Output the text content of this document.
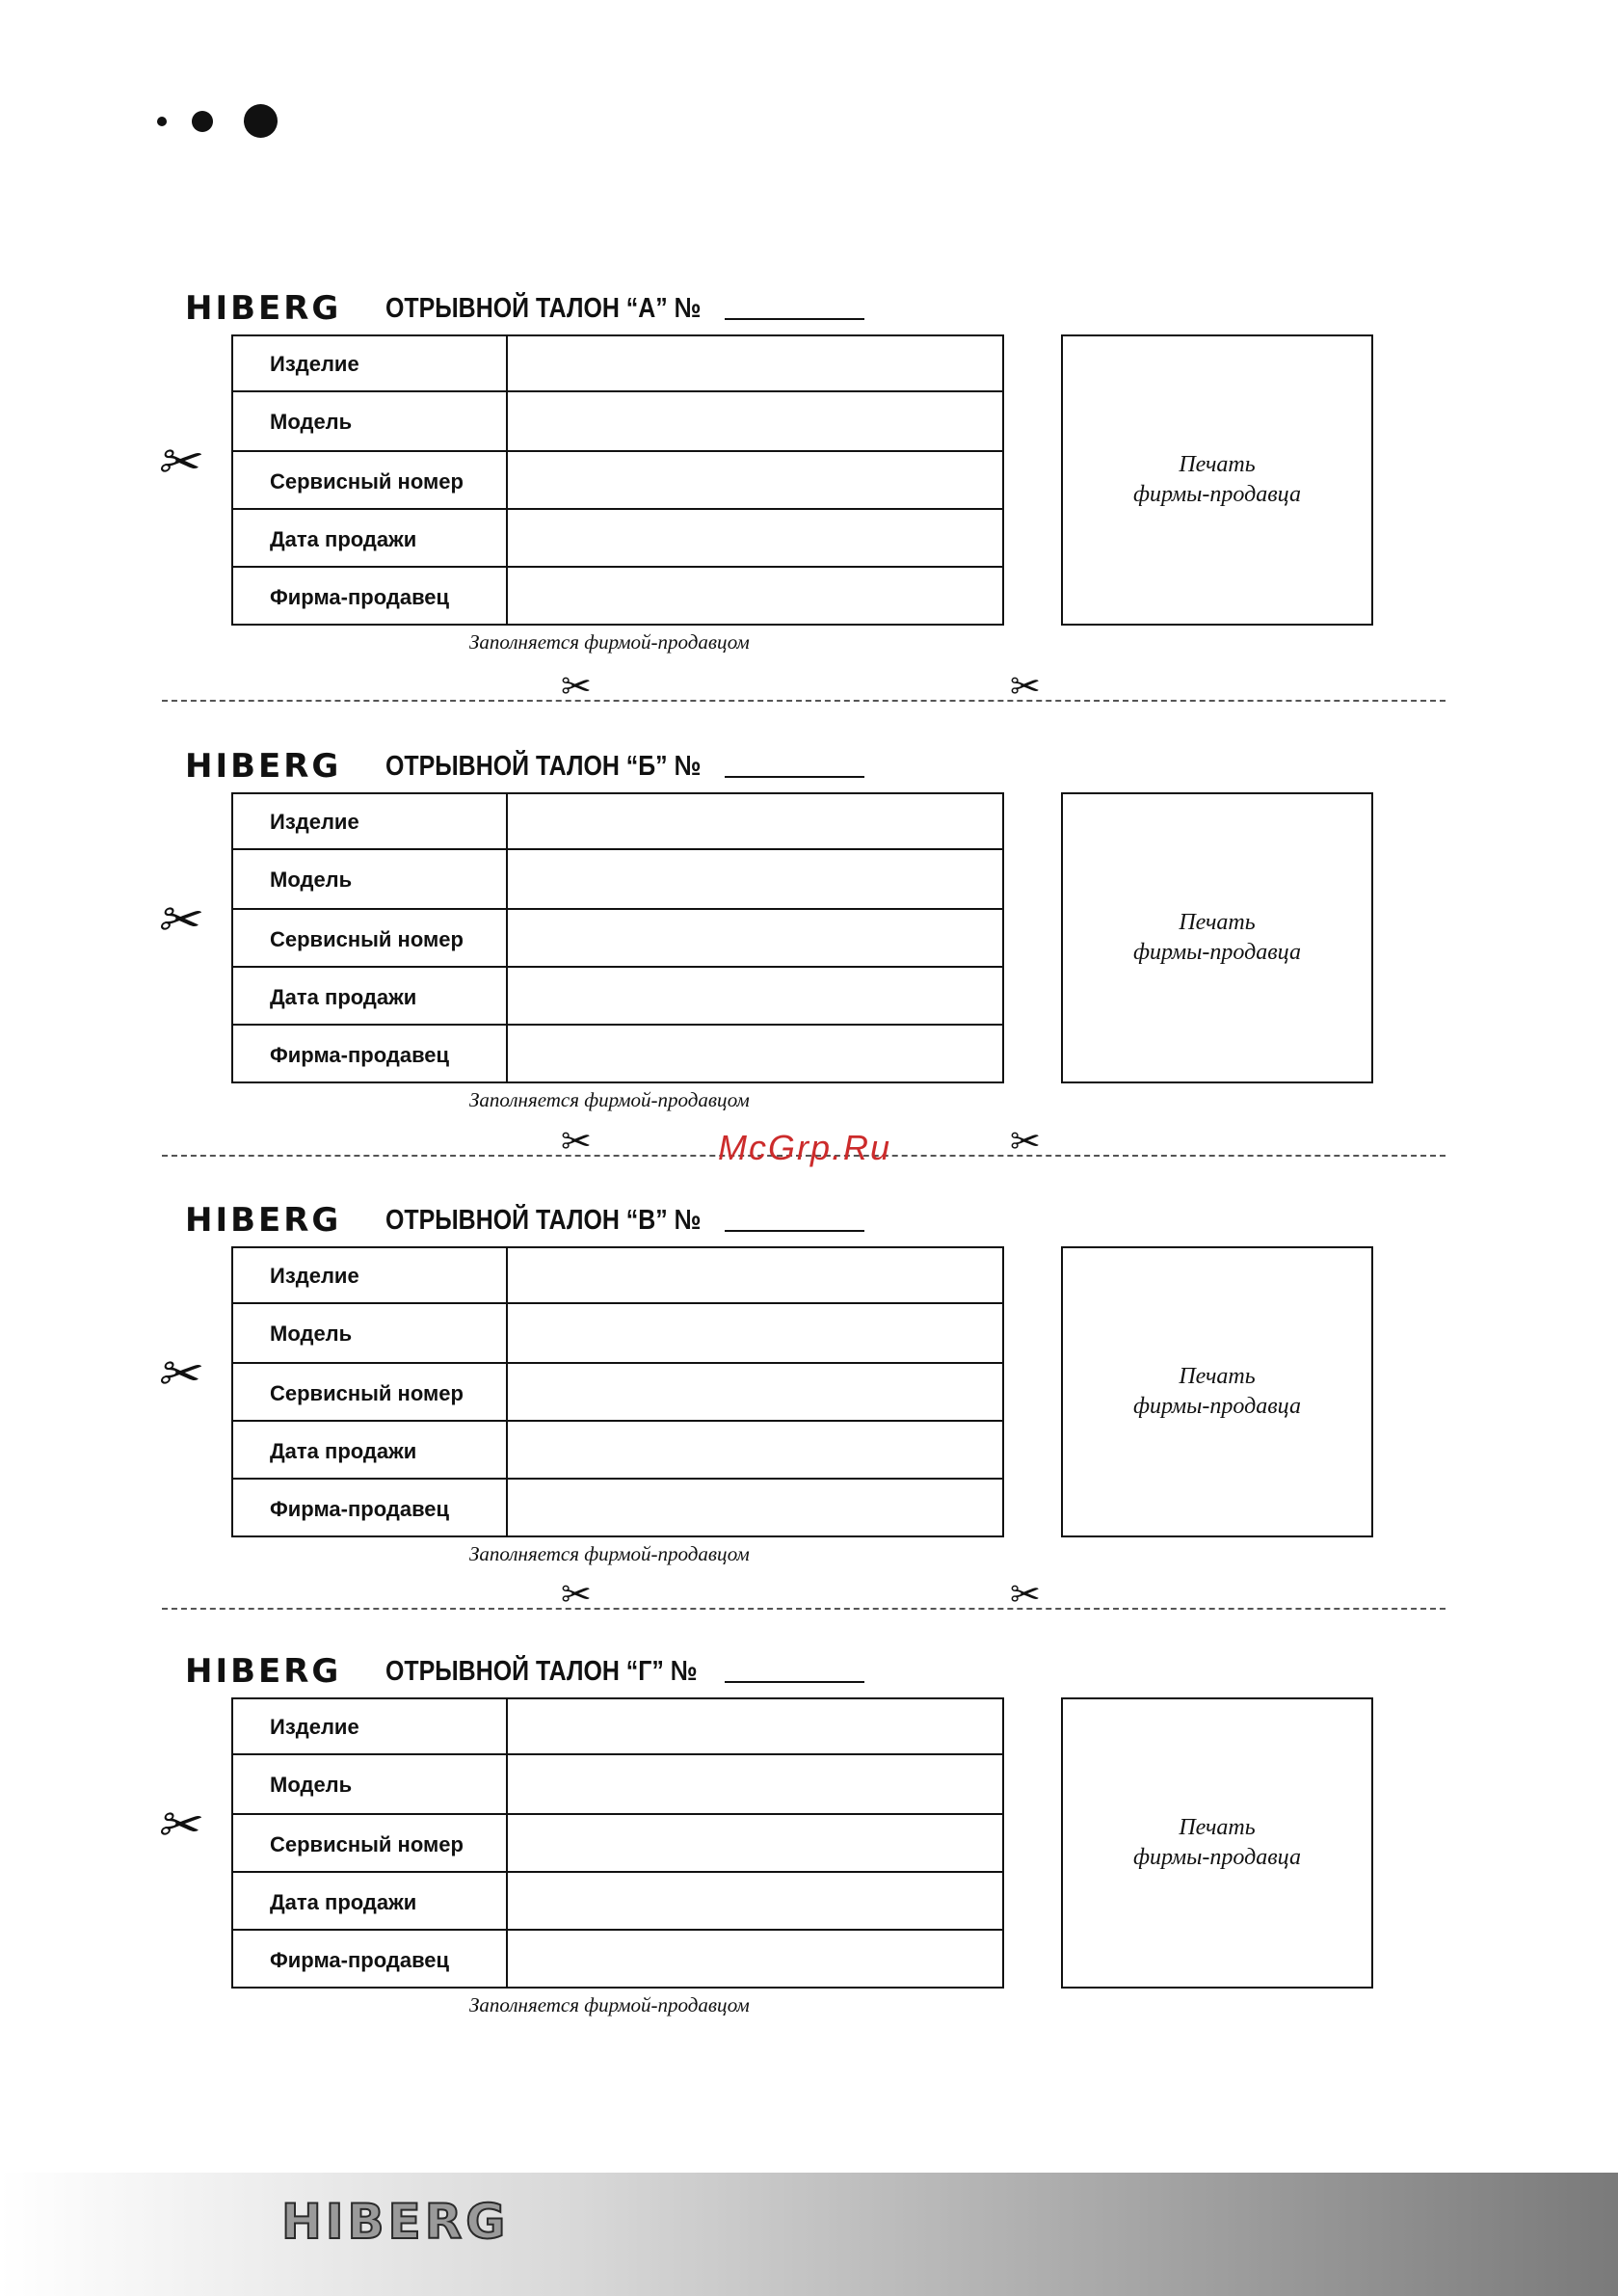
HIBERG ОТРЫВНОЙ ТАЛОН “А” №
✂
Изделие
Модель
Сервисный номер
Дата продажи
Фирма-продавец
Печать
фирмы-продавца
Заполняется фирмой-продавцом
✂	✂
HIBERG ОТРЫВНОЙ ТАЛОН “Б” №
✂
Изделие
Модель
Сервисный номер
Дата продажи
Фирма-продавец
Печать
фирмы-продавца
Заполняется фирмой-продавцом
✂	✂
HIBERG ОТРЫВНОЙ ТАЛОН “В” №
✂
Изделие
Модель
Сервисный номер
Дата продажи
Фирма-продавец
Печать
фирмы-продавца
Заполняется фирмой-продавцом
✂	✂
HIBERG ОТРЫВНОЙ ТАЛОН “Г” №
✂
Изделие
Модель
Сервисный номер
Дата продажи
Фирма-продавец
Печать
фирмы-продавца
Заполняется фирмой-продавцом
McGrp.Ru
HIBERG
